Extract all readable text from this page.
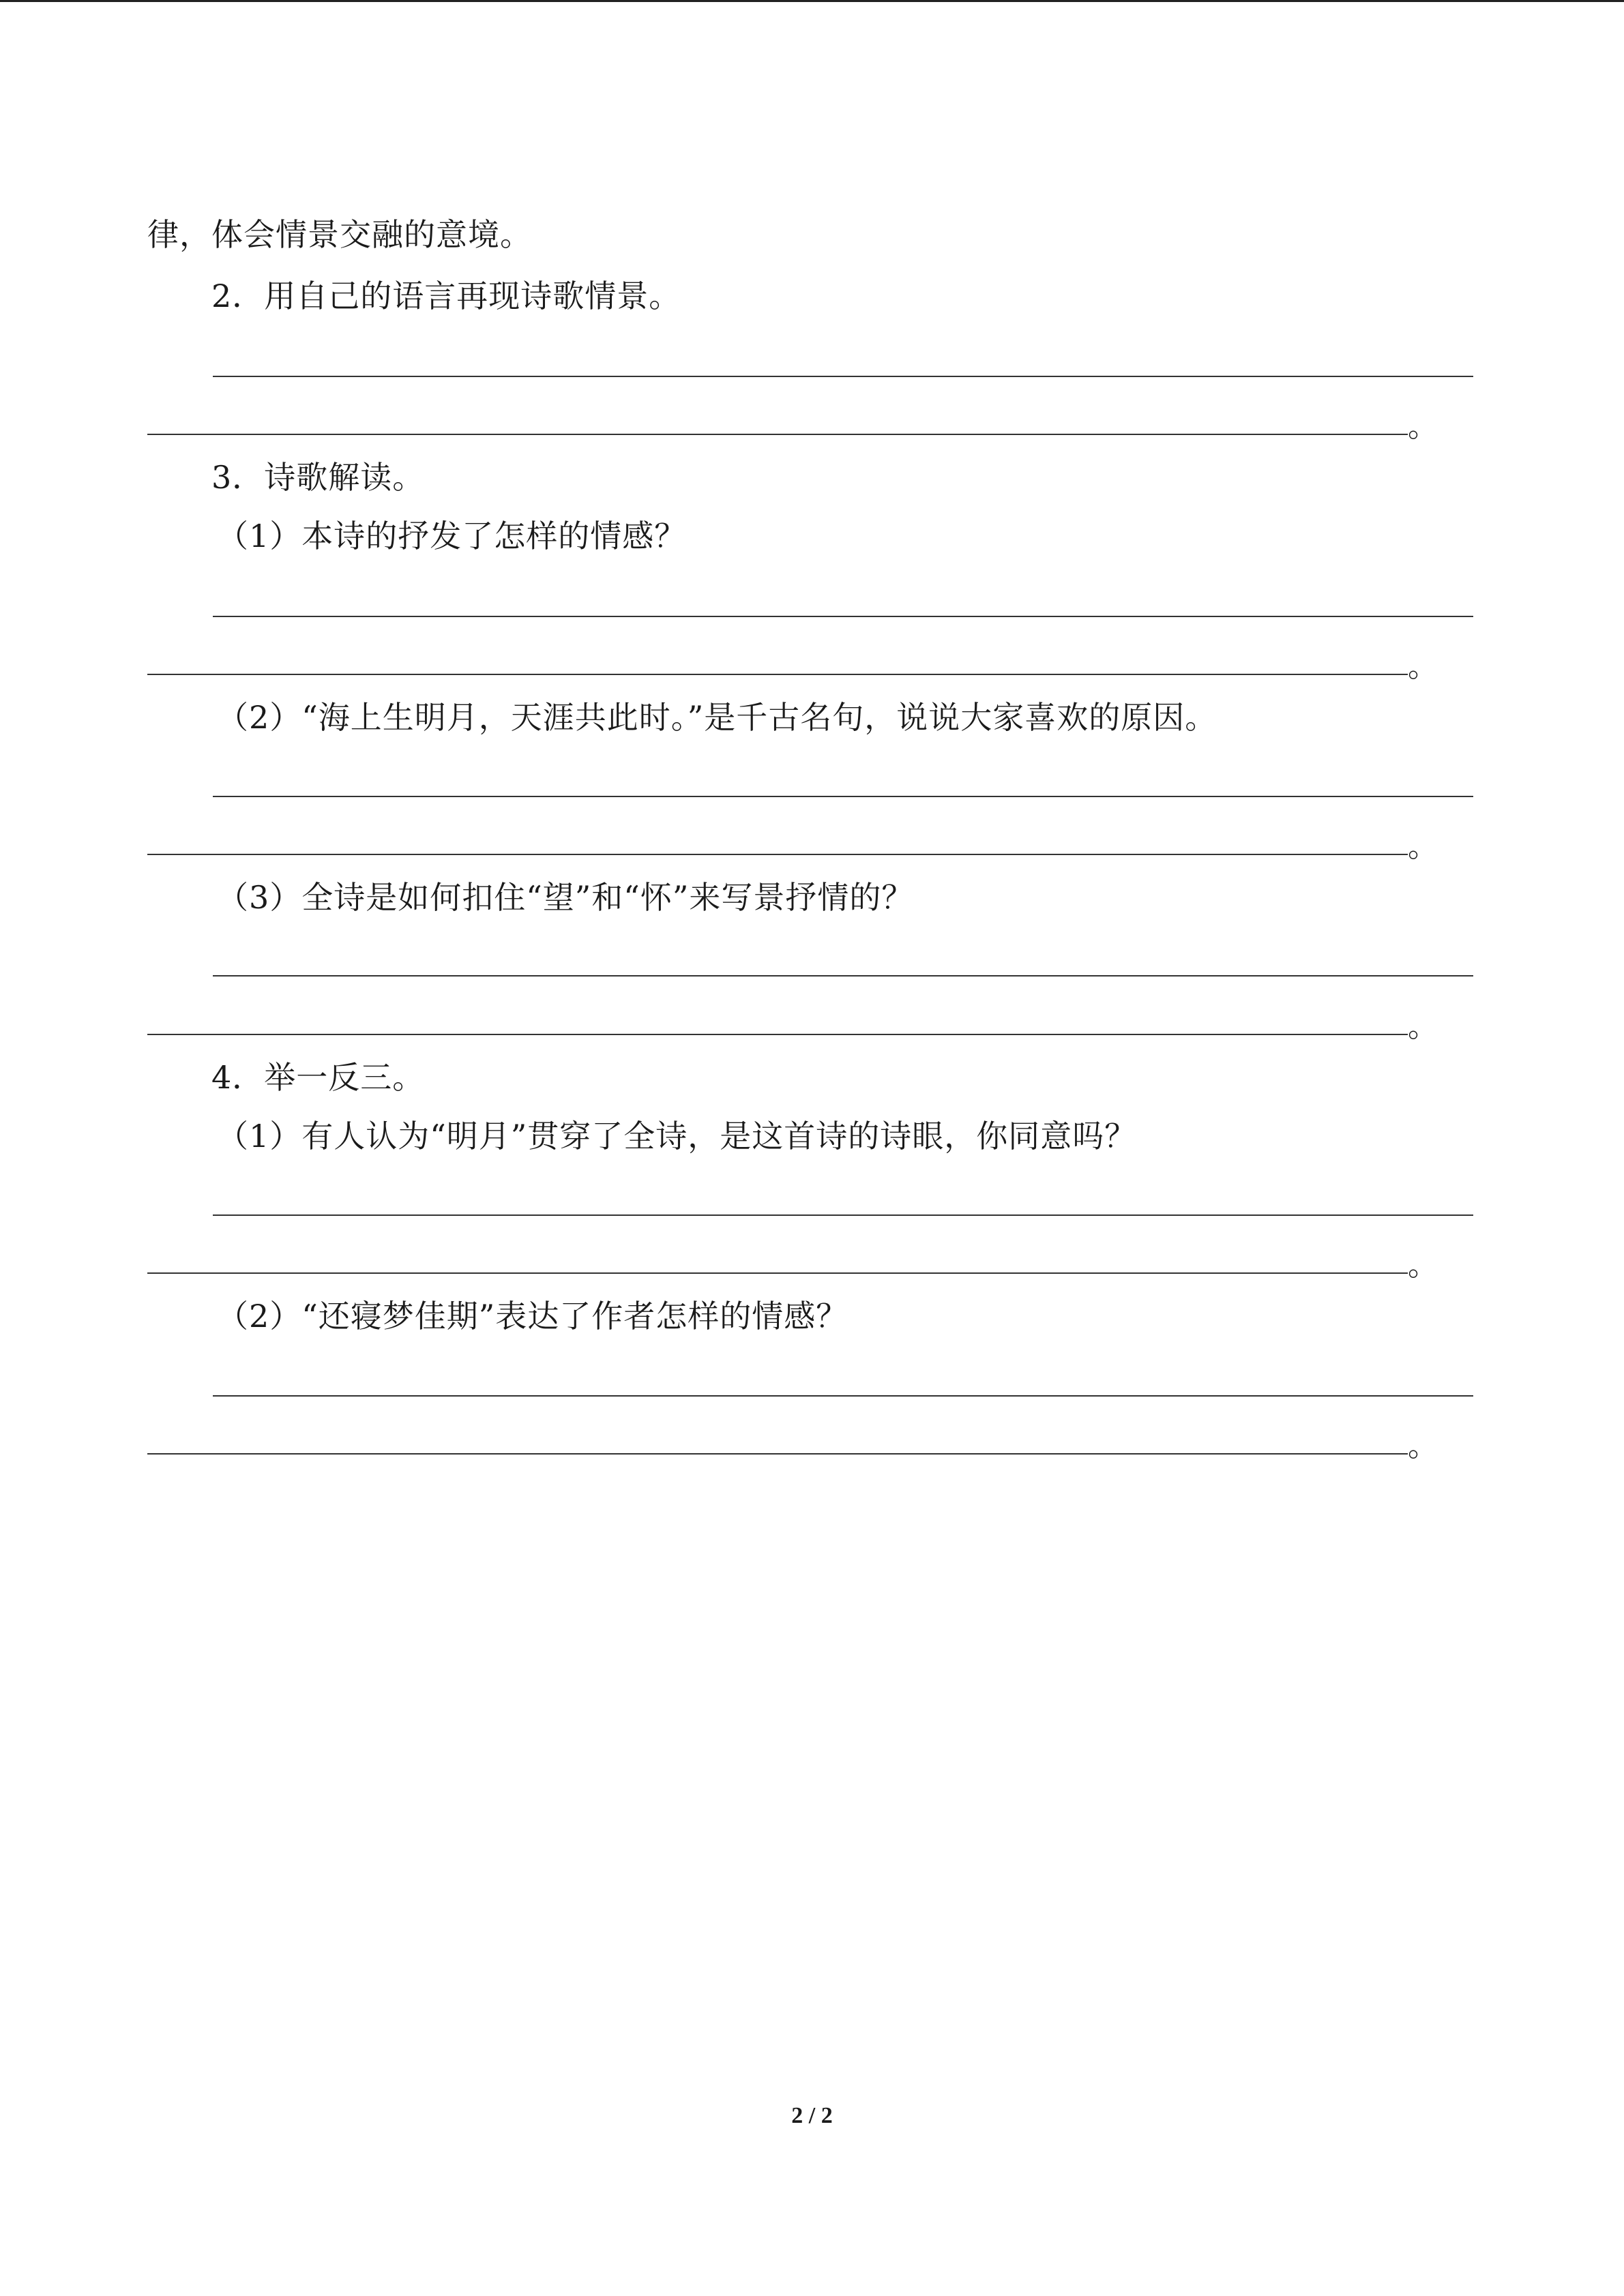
律，体会情景交融的意境。
2．用自己的语言再现诗歌情景。
。
3．诗歌解读。
（1）本诗的抒发了怎样的情感？
。
（2）“海上生明月，天涯共此时。”是千古名句，说说大家喜欢的原因。
。
（3）全诗是如何扣住“望”和“怀”来写景抒情的？
。
4．举一反三。
（1）有人认为“明月”贯穿了全诗，是这首诗的诗眼，你同意吗？
。
（2）“还寝梦佳期”表达了作者怎样的情感？
。
2 / 2
